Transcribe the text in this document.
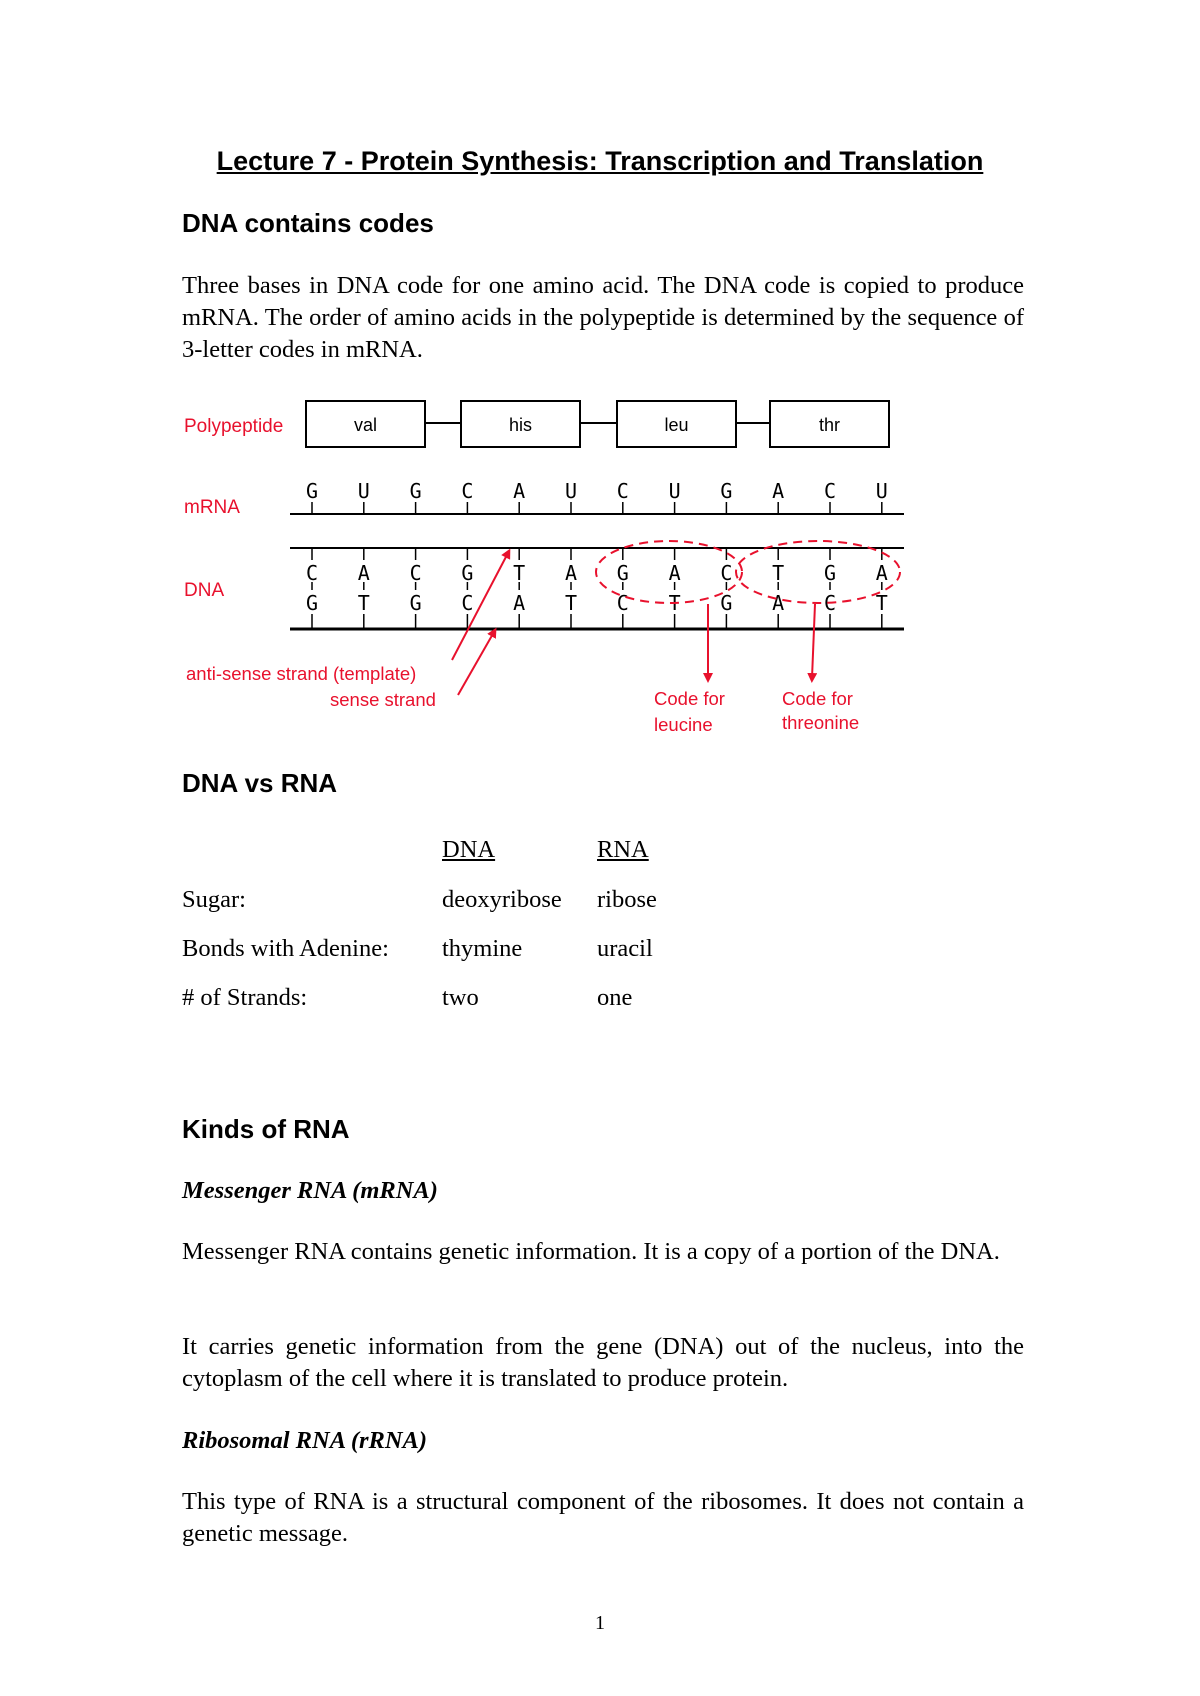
Lecture 7 - Protein Synthesis: Transcription and Translation
DNA contains codes
Three bases in DNA code for one amino acid. The DNA code is copied to produce mRNA. The order of amino acids in the polypeptide is determined by the sequence of 3-letter codes in mRNA.
Polypeptide
mRNA
DNA
val	his	leu	thr
G U G C A U C U G A C U
C
G
A
T
C
G
G
C
T
A
A
T
G
C
A
T
C
G
T
A
G
C
A
T
anti-sense strand (template)
sense strand	Code for
leucine
Code for
threonine
DNA vs RNA
DNA	RNA
Sugar:	deoxyribose ribose
Bonds with Adenine: thymine	uracil
# of Strands:	two	one
Kinds of RNA
Messenger RNA (mRNA)
Messenger RNA contains genetic information. It is a copy of a portion of the DNA.
It carries genetic information from the gene (DNA) out of the nucleus, into the cytoplasm of the cell where it is translated to produce protein.
Ribosomal RNA (rRNA)
This type of RNA is a structural component of the ribosomes. It does not contain a genetic message.
1
